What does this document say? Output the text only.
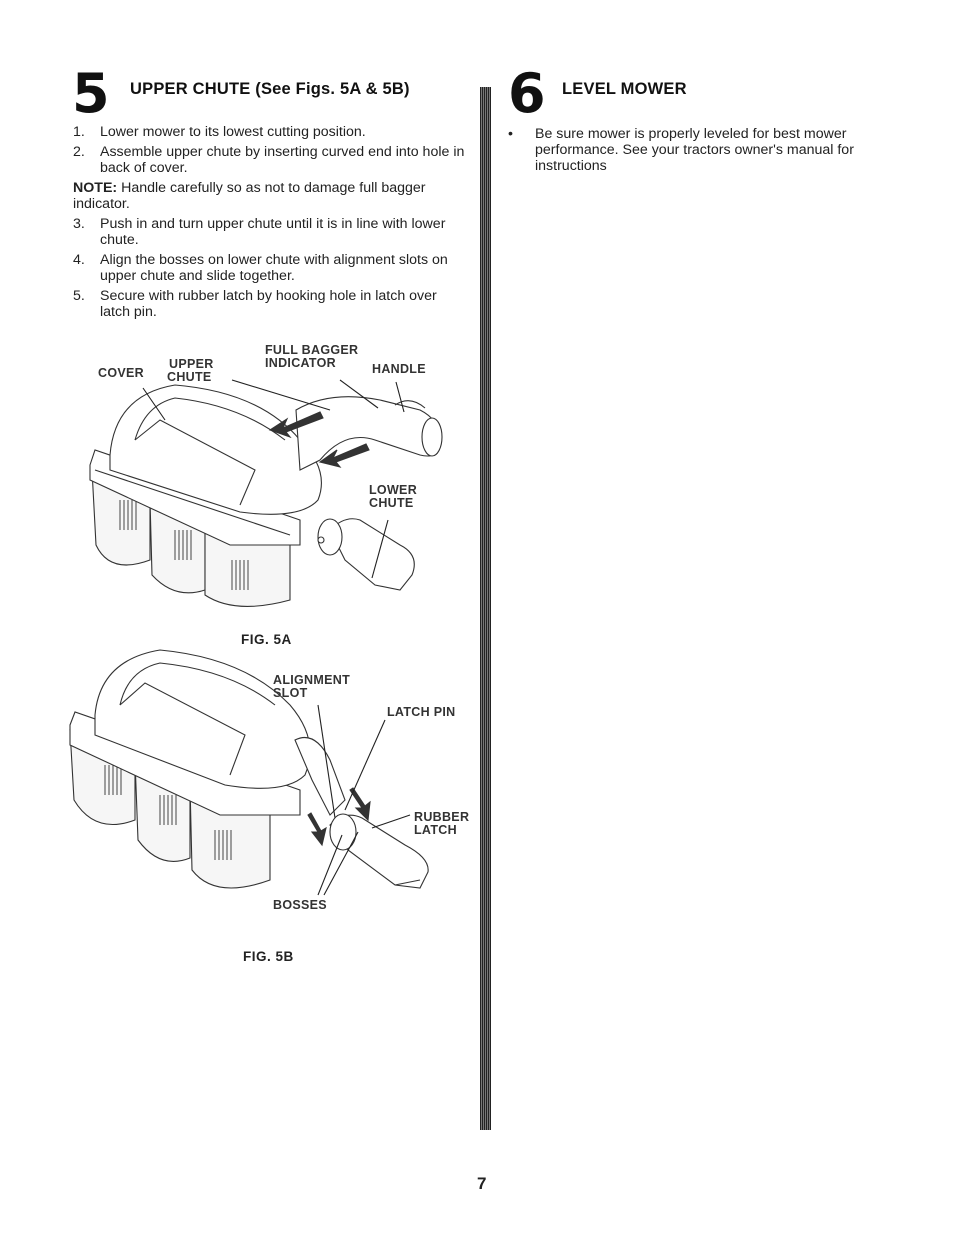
5 UPPER CHUTE (See Figs. 5A & 5B)
1. Lower mower to its lowest cutting position.
2. Assemble upper chute by inserting curved end into hole in back of cover.

NOTE: Handle carefully so as not to damage full bagger indicator.

3. Push in and turn upper chute until it is in line with lower chute.
4. Align the bosses on lower chute with alignment slots on upper chute and slide together.
5. Secure with rubber latch by hooking hole in latch over latch pin.
COVER
UPPER
CHUTE
FULL BAGGER
INDICATOR	HANDLE
LOWER
CHUTE
FIG. 5A
ALIGNMENT
SLOT
LATCH PIN
RUBBER
LATCH
BOSSES
FIG. 5B
6 LEVEL MOWER
• Be sure mower is properly leveled for best mower performance. See your tractors owner's manual for instructions
7
